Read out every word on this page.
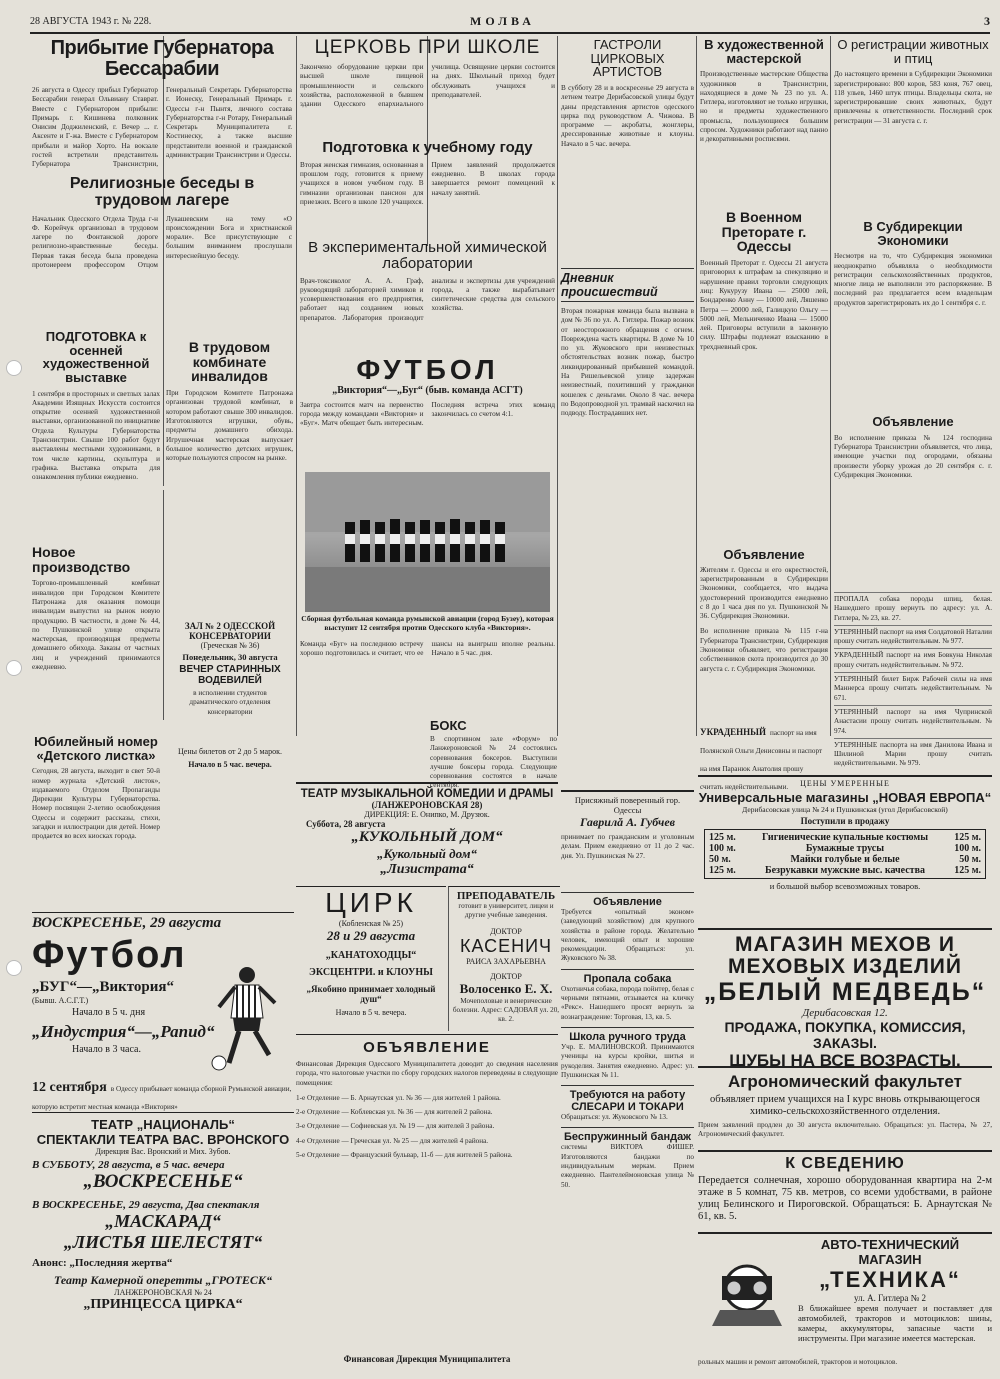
28 АВГУСТА 1943 г. № 228.	МОЛВА	3
Прибытие Губернатора Бессарабии
26 августа в Одессу прибыл Губернатор Бессарабии генерал Ольвиану Ставрат. Вместе с Губернатором прибыли: Примарь г. Кишинева полковник Онисим Доджиленский, г. Вечер ... г. Аксенте и Г-жа. Вместе с Губернатором прибыли и майор Хорто. На вокзале гостей встретили представитель Губернатора Транснистрии, Генеральный Секретарь Губернаторства г. Ионеску, Генеральный Примарь г. Одессы г-н Пынтя, личного состава Губернаторства г-н Ротару, Генеральный Секретарь Муниципалитета г. Костинеску, а также высшие представители военной и гражданской администрации Транснистрии и Одессы.
Религиозные беседы в трудовом лагере
Начальник Одесского Отдела Труда г-н Ф. Корейчук организовал в трудовом лагере по Фонтанской дороге религиозно-нравственные беседы. Первая такая беседа была проведена протоиереем профессором Отцом Лукашевским на тему «О происхождении Бога и христианской морали». Все присутствующие с большим вниманием прослушали интереснейшую беседу.
ПОДГОТОВКА к осенней художественной выставке
1 сентября в просторных и светлых залах Академии Изящных Искусств состоится открытие осенней художественной выставки, организованной по инициативе Отдела Культуры Губернаторства Транснистрии. Свыше 100 работ будут выставлены местными художниками, в том числе картины, скульптура и графика. Выставка открыта для ознакомления публики ежедневно.
Новое производство
Торгово-промышленный комбинат инвалидов при Городском Комитете Патронажа для оказания помощи инвалидам выпустил на рынок новую продукцию. В частности, в доме № 44, по Пушкинской улице открыта мастерская, производящая предметы домашнего обихода. Заказы от частных лиц и учреждений принимаются ежедневно.
Юбилейный номер «Детского листка»
Сегодня, 28 августа, выходит в свет 50-й номер журнала «Детский листок», издаваемого Отделом Пропаганды Дирекции Культуры Губернаторства. Номер посвящен 2-летию освобождения Одессы и содержит рассказы, стихи, загадки и иллюстрации для детей. Номер продается во всех киосках города.
В трудовом комбинате инвалидов
При Городском Комитете Патронажа организован трудовой комбинат, в котором работают свыше 300 инвалидов. Изготовляются игрушки, обувь, предметы домашнего обихода. Игрушечная мастерская выпускает большое количество детских игрушек, которые пользуются спросом на рынке.
ЗАЛ № 2 ОДЕССКОЙ КОНСЕРВАТОРИИ
(Греческая № 36)
Понедельник, 30 августа
ВЕЧЕР СТАРИННЫХ ВОДЕВИЛЕЙ
в исполнении студентов драматического отделения консерватории
Цены билетов от 2 до 5 марок.
Начало в 5 час. вечера.
ВОСКРЕСЕНЬЕ, 29 августа
Футбол
„БУГ“—„Виктория“
(Бывш. А.С.Г.Т.)
Начало в 5 ч. дня
„Индустрия“—„Рапид“
Начало в 3 часа.
12 сентября в Одессу прибывает команда сборной Румынской авиации, которую встретит местная команда «Виктория»
ТЕАТР „НАЦИОНАЛЬ“
СПЕКТАКЛИ ТЕАТРА ВАС. ВРОНСКОГО
Дирекция Вас. Вронский и Мих. Зубов.
В СУББОТУ, 28 августа, в 5 час. вечера
„ВОСКРЕСЕНЬЕ“
В ВОСКРЕСЕНЬЕ, 29 августа, Два спектакля
„МАСКАРАД“
„ЛИСТЬЯ ШЕЛЕСТЯТ“
Анонс: „Последняя жертва“
Театр Камерной оперетты „ГРОТЕСК“
ЛАНЖЕРОНОВСКАЯ № 24
„ПРИНЦЕССА ЦИРКА“
ЦЕРКОВЬ ПРИ ШКОЛЕ
Закончено оборудование церкви при высшей школе пищевой промышленности и сельского хозяйства, расположенной в бывшем здании Одесского епархиального училища. Освящение церкви состоится на днях. Школьный приход будет обслуживать учащихся и преподавателей.
Подготовка к учебному году
Вторая женская гимназия, основанная в прошлом году, готовится к приему учащихся в новом учебном году. В гимназии организован пансион для приезжих. Всего в школе 120 учащихся. Прием заявлений продолжается ежедневно. В школах города завершается ремонт помещений к началу занятий.
В экспериментальной химической лаборатории
Врач-токсиколог А. А. Граф, руководящий лабораторией химиков и усовершенствования его предприятия, работает над созданием новых препаратов. Лаборатория производит анализы и экспертизы для учреждений города, а также вырабатывает синтетические средства для сельского хозяйства.
ФУТБОЛ
„Виктория“—„Буг“ (быв. команда АСГТ)
Завтра состоится матч на первенство города между командами «Виктория» и «Буг». Матч обещает быть интересным. Последняя встреча этих команд закончилась со счетом 4:1.
Сборная футбольная команда румынской авиации (город Бузеу), которая выступит 12 сентября против Одесского клуба «Виктория».
Команда «Буг» на последнюю встречу хорошо подготовилась и считает, что ее шансы на выигрыш вполне реальны. Начало в 5 час. дня.
БОКС
В спортивном зале «Форум» по Ланжероновской № 24 состоялись соревнования боксеров. Выступили лучшие боксеры города. Следующие соревнования состоятся в начале сентября.
ТЕАТР МУЗЫКАЛЬНОЙ КОМЕДИИ И ДРАМЫ
(ЛАНЖЕРОНОВСКАЯ 28)
ДИРЕКЦИЯ: Е. Онипко, М. Друзюк.
Суббота, 28 августа
„КУКОЛЬНЫЙ ДОМ“
„Кукольный дом“
„Лизистрата“
ЦИРК
(Кобленская № 25)
28 и 29 августа
„КАНАТОХОДЦЫ“
ЭКСЦЕНТРИ. и КЛОУНЫ
„Якобино принимает холодный душ“
Начало в 5 ч. вечера.
ПРЕПОДАВАТЕЛЬ
готовит в университет, лицеи и другие учебные заведения.
ДОКТОР
КАСЕНИЧ
РАИСА ЗАХАРЬЕВНА
ДОКТОР
Волосенко Е. Х.
Мочеполовые и венерические болезни. Адрес: САДОВАЯ ул. 20, кв. 2.
ОБЪЯВЛЕНИЕ
Финансовая Дирекция Одесского Муниципалитета доводит до сведения населения города, что налоговые участки по сбору городских налогов переведены в следующие помещения:
1-е Отделение — Б. Арнаутская ул. № 36 — для жителей 1 района.
2-е Отделение — Коблевская ул. № 36 — для жителей 2 района.
3-е Отделение — Софиевская ул. № 19 — для жителей 3 района.
4-е Отделение — Греческая ул. № 25 — для жителей 4 района.
5-е Отделение — Французский бульвар, 11-б — для жителей 5 района.
Финансовая Дирекция Муниципалитета
ГАСТРОЛИ ЦИРКОВЫХ АРТИСТОВ
В субботу 28 и в воскресенье 29 августа в летнем театре Дерибасовской улицы будут даны представления артистов одесского цирка под руководством А. Чижова. В программе — акробаты, жонглеры, дрессированные животные и клоуны. Начало в 5 час. вечера.
Дневник происшествий
Вторая пожарная команда была вызвана в дом № 36 по ул. А. Гитлера. Пожар возник от неосторожного обращения с огнем. Повреждена часть квартиры. В доме № 10 по ул. Жуковского при неизвестных обстоятельствах возник пожар, быстро ликвидированный прибывшей командой. На Ришельевской улице задержан неизвестный, похитивший у гражданки кошелек с деньгами. Около 8 час. вечера по Водопроводной ул. трамвай наскочил на подводу. Пострадавших нет.
Присяжный поверенный гор. Одессы
Гаврилă А. Губчев
принимает по гражданским и уголовным делам. Прием ежедневно от 11 до 2 час. дня. Ул. Пушкинская № 27.
Объявление
Требуется «опытный эконом» (заведующий хозяйством) для крупного хозяйства в районе города. Желательно человек, имеющий опыт и хорошие рекомендации. Обращаться: ул. Жуковского № 38.
Пропала собака
Охотничья собака, порода пойнтер, белая с черными пятнами, отзывается на кличку «Рекс». Нашедшего просят вернуть за вознаграждение: Торговая, 13, кв. 5.
Школа ручного труда
Учр. Е. МАЛИНОВСКОЙ. Принимаются ученицы на курсы кройки, шитья и рукоделия. Занятия ежедневно. Адрес: ул. Пушкинская № 11.
Требуются на работу СЛЕСАРИ И ТОКАРИ
Обращаться: ул. Жуковского № 13.
Беспружинный бандаж
системы ВИКТОРА ФИШЕР. Изготовляются бандажи по индивидуальным меркам. Прием ежедневно. Пантелеймоновская улица № 50.
В художественной мастерской
Производственные мастерские Общества художников в Транснистрии, находящиеся в доме № 23 по ул. А. Гитлера, изготовляют не только игрушки, но и предметы художественного промысла, пользующиеся большим спросом. Художники работают над панно и декоративными росписями.
В Военном Преторате г. Одессы
Военный Преторат г. Одессы 21 августа приговорил к штрафам за спекуляцию и нарушение правил торговли следующих лиц: Кукурузу Ивана — 25000 лей, Бондаренко Анну — 10000 лей, Ляшенко Петра — 20000 лей, Галицкую Ольгу — 5000 лей, Мельниченко Ивана — 15000 лей. Приговоры вступили в законную силу. Штрафы подлежат взысканию в трехдневный срок.
Объявление
Жителям г. Одессы и его окрестностей, зарегистрированным в Субдирекции Экономики, сообщается, что выдача удостоверений производится ежедневно с 8 до 1 часа дня по ул. Пушкинской № 36. Субдирекция Экономики.
Во исполнение приказа № 115 г-на Губернатора Транснистрии, Субдирекция Экономики объявляет, что регистрация собственников скота производится до 30 августа с. г. Субдирекция Экономики.
УКРАДЕННЫЙ паспорт на имя Полянской Ольги Денисовны и паспорт на имя Паранюк Анатолия прошу считать недействительными.
О регистрации животных и птиц
До настоящего времени в Субдирекции Экономики зарегистрировано: 800 коров, 583 коня, 767 овец, 118 ульев, 1460 штук птицы. Владельцы скота, не зарегистрировавшие своих животных, будут привлечены к ответственности. Последний срок регистрации — 31 августа с. г.
В Субдирекции Экономики
Несмотря на то, что Субдирекция экономики неоднократно объявляла о необходимости регистрации сельскохозяйственных продуктов, многие лица не выполнили это распоряжение. В последний раз предлагается всем владельцам продуктов зарегистрировать их до 1 сентября с. г.
Объявление
Во исполнение приказа № 124 господина Губернатора Транснистрии объявляется, что лица, имеющие участки под огородами, обязаны произвести уборку урожая до 20 сентября с. г. Субдирекция Экономики.
ПРОПАЛА собака породы шпиц, белая. Нашедшего прошу вернуть по адресу: ул. А. Гитлера, № 23, кв. 27.
УТЕРЯННЫЙ паспорт на имя Солдатовой Наталии прошу считать недействительным. № 977.
УКРАДЕННЫЙ паспорт на имя Бовкуна Николая прошу считать недействительным. № 972.
УТЕРЯННЫЙ билет Бирж Рабочей силы на имя Маннерса прошу считать недействительным. № 671.
УТЕРЯННЫЙ паспорт на имя Чупринской Анастасии прошу считать недействительным. № 974.
УТЕРЯННЫЕ паспорта на имя Данилова Ивана и Шилиной Марии прошу считать недействительными. № 979.
ЦЕНЫ УМЕРЕННЫЕ
Универсальные магазины „НОВАЯ ЕВРОПА“
Дерибасовская улица № 24 и Пушкинская (угол Дерибасовской)
Поступили в продажу
125 м.	Гигиенические купальные костюмы	125 м.
100 м.	Бумажные трусы	100 м.
50 м.	Майки голубые и белые	50 м.
125 м.	Безрукавки мужские выс. качества	125 м.
и большой выбор всевозможных товаров.
МАГАЗИН МЕХОВ И МЕХОВЫХ ИЗДЕЛИЙ
„БЕЛЫЙ МЕДВЕДЬ“
Дерибасовская 12.
ПРОДАЖА, ПОКУПКА, КОМИССИЯ, ЗАКАЗЫ.
ШУБЫ НА ВСЕ ВОЗРАСТЫ.
Агрономический факультет
объявляет прием учащихся на I курс вновь открывающегося химико-сельскохозяйственного отделения.
Прием заявлений продлен до 30 августа включительно. Обращаться: ул. Пастера, № 27, Агрономический факультет.
К СВЕДЕНИЮ
Передается солнечная, хорошо оборудованная квартира на 2-м этаже в 5 комнат, 75 кв. метров, со всеми удобствами, в районе улиц Белинского и Пироговской. Обращаться: Б. Арнаутская № 61, кв. 5.
АВТО-ТЕХНИЧЕСКИЙ МАГАЗИН
„ТЕХНИКА“
ул. А. Гитлера № 2
В ближайшее время получает и поставляет для автомобилей, тракторов и мотоциклов: шины, камеры, аккумуляторы, запасные части и инструменты. При магазине имеется мастерская.
рольных машин и ремонт автомобилей, тракторов и мотоциклов.
